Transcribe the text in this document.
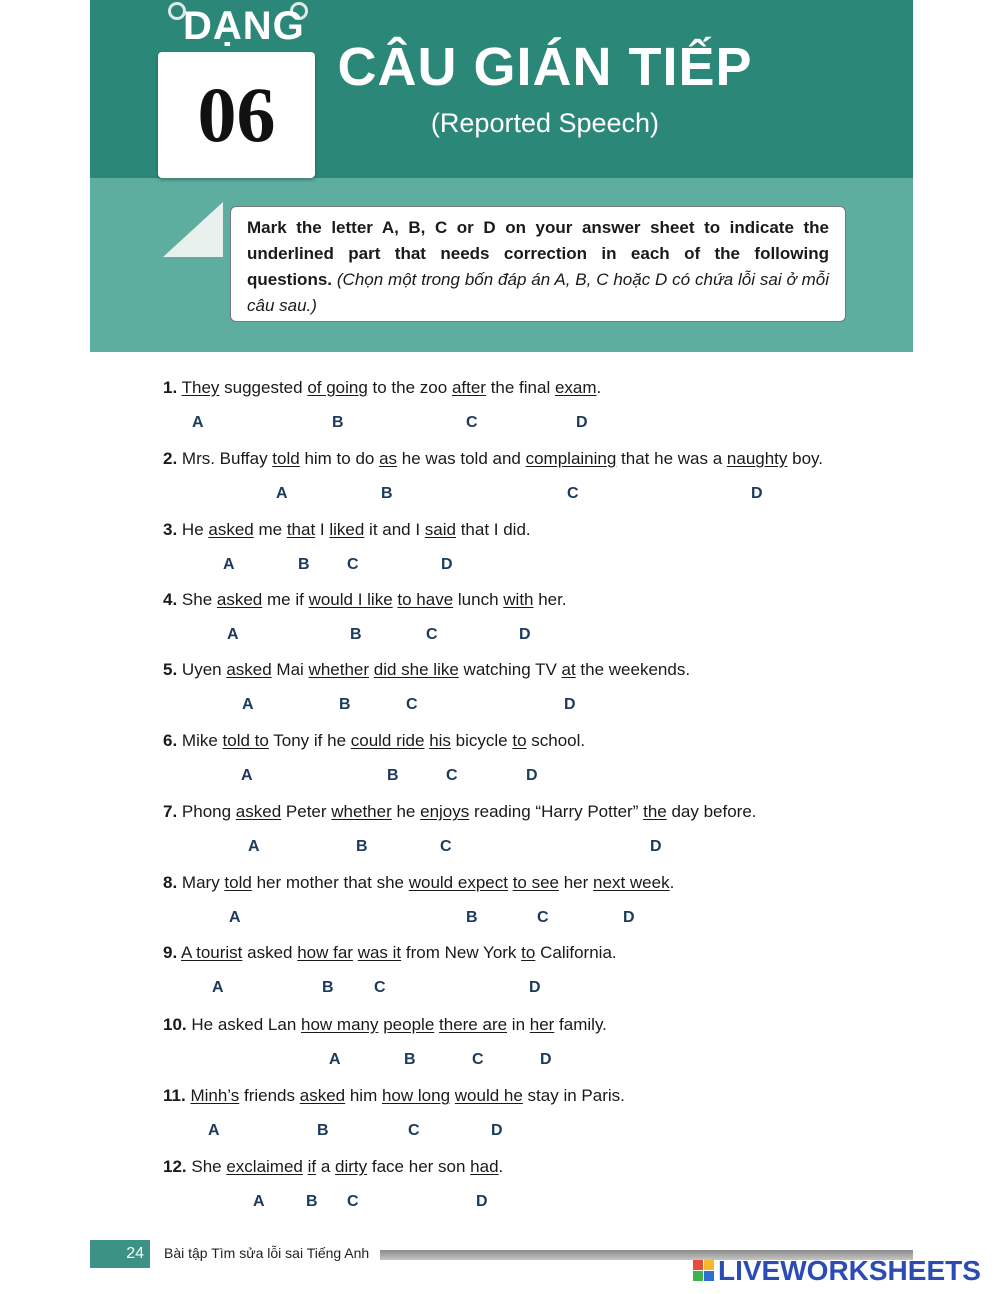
DẠNG
06
CÂU GIÁN TIẾP
(Reported Speech)

Mark the letter A, B, C or D on your answer sheet to indicate the underlined part that needs correction in each of the following questions. (Chọn một trong bốn đáp án A, B, C hoặc D có chứa lỗi sai ở mỗi câu sau.)

1. They suggested of going to the zoo after the final exam.
A	B	C	D
2. Mrs. Buffay told him to do as he was told and complaining that he was a naughty boy.
A	B	C	D
3. He asked me that I liked it and I said that I did.
A	B C	D
4. She asked me if would I like to have lunch with her.
A	B	C	D
5. Uyen asked Mai whether did she like watching TV at the weekends.
A	B	C	D
6. Mike told to Tony if he could ride his bicycle to school.
A	B	C	D
7. Phong asked Peter whether he enjoys reading “Harry Potter” the day before.
A	B	C	D
8. Mary told her mother that she would expect to see her next week.
A	B	C	D
9. A tourist asked how far was it from New York to California.
A	B	C	D
10. He asked Lan how many people there are in her family.
A	B	C	D
11. Minh’s friends asked him how long would he stay in Paris.
A	B	C	D
12. She exclaimed if a dirty face her son had.
A	B C	D
24	Bài tập Tìm sửa lỗi sai Tiếng Anh
LIVEWORKSHEETS
